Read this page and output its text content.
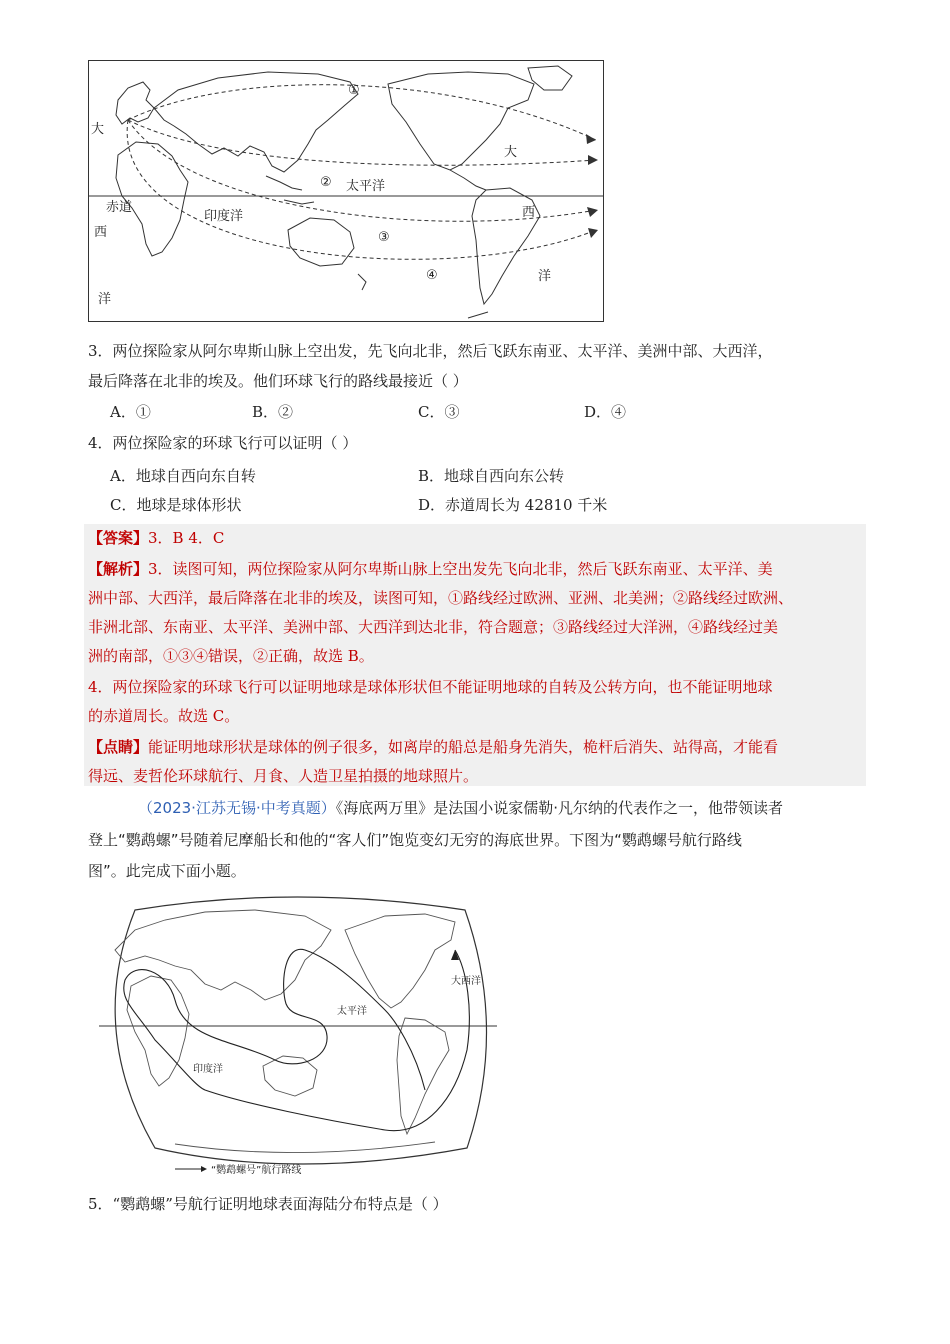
①
②
③
④
大
赤道
西
洋
印度洋
太平洋
大
西
洋
3．两位探险家从阿尔卑斯山脉上空出发，先飞向北非，然后飞跃东南亚、太平洋、美洲中部、大西洋，
最后降落在北非的埃及。他们环球飞行的路线最接近（ ）
A．①	B．②	C．③	D．④
4．两位探险家的环球飞行可以证明（ ）
A．地球自西向东自转	B．地球自西向东公转
C．地球是球体形状	D．赤道周长为 42810 千米
【答案】3．B 4．C
【解析】3．读图可知，两位探险家从阿尔卑斯山脉上空出发先飞向北非，然后飞跃东南亚、太平洋、美
洲中部、大西洋，最后降落在北非的埃及，读图可知，①路线经过欧洲、亚洲、北美洲；②路线经过欧洲、
非洲北部、东南亚、太平洋、美洲中部、大西洋到达北非，符合题意；③路线经过大洋洲，④路线经过美
洲的南部，①③④错误，②正确，故选 B。
4．两位探险家的环球飞行可以证明地球是球体形状但不能证明地球的自转及公转方向，也不能证明地球
的赤道周长。故选 C。
【点睛】能证明地球形状是球体的例子很多，如离岸的船总是船身先消失，桅杆后消失、站得高，才能看
得远、麦哲伦环球航行、月食、人造卫星拍摄的地球照片。
（2023·江苏无锡·中考真题）《海底两万里》是法国小说家儒勒·凡尔纳的代表作之一，他带领读者
登上“鹦鹉螺”号随着尼摩船长和他的“客人们”饱览变幻无穷的海底世界。下图为“鹦鹉螺号航行路线
图”。此完成下面小题。
大西洋
太平洋
印度洋
“鹦鹉螺号”航行路线
5．“鹦鹉螺”号航行证明地球表面海陆分布特点是（ ）
